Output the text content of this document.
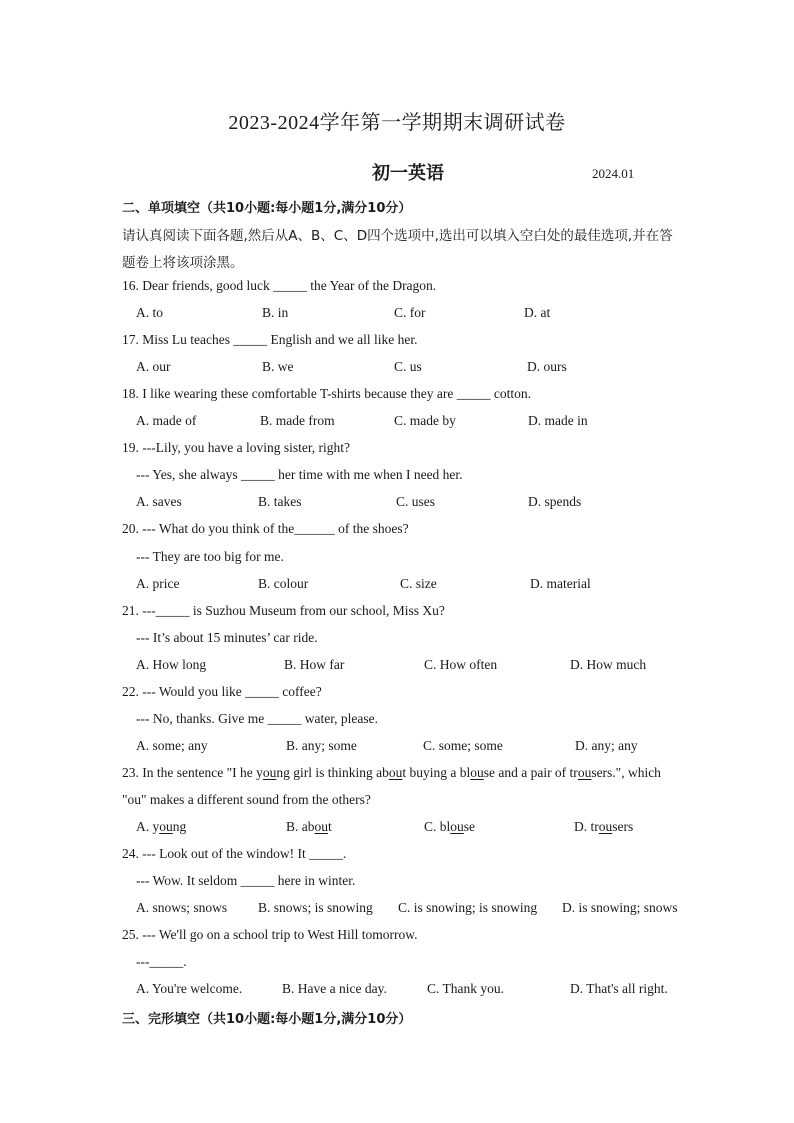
2023-2024学年第一学期期末调研试卷
初一英语	2024.01
二、单项填空（共10小题:每小题1分,满分10分）
请认真阅读下面各题,然后从A、B、C、D四个选项中,选出可以填入空白处的最佳选项,并在答
题卷上将该项涂黑。
16. Dear friends, good luck _____ the Year of the Dragon.
A. to	B. in	C. for	D. at
17. Miss Lu teaches _____ English and we all like her.
A. our	B. we	C. us	D. ours
18. I like wearing these comfortable T-shirts because they are _____ cotton.
A. made of	B. made from	C. made by	D. made in
19. ---Lily, you have a loving sister, right?
--- Yes, she always _____ her time with me when I need her.
A. saves	B. takes	C. uses	D. spends
20. --- What do you think of the______ of the shoes?
--- They are too big for me.
A. price	B. colour	C. size	D. material
21. ---_____ is Suzhou Museum from our school, Miss Xu?
--- It’s about 15 minutes’ car ride.
A. How long	B. How far	C. How often	D. How much
22. --- Would you like _____ coffee?
--- No, thanks. Give me _____ water, please.
A. some; any	B. any; some	C. some; some	D. any; any
23. In the sentence "I he young girl is thinking about buying a blouse and a pair of trousers.", which
"ou" makes a different sound from the others?
A. young	B. about	C. blouse	D. trousers
24. --- Look out of the window! It _____.
--- Wow. It seldom _____ here in winter.
A. snows; snows B. snows; is snowing C. is snowing; is snowing D. is snowing; snows
25. --- We'll go on a school trip to West Hill tomorrow.
---_____.
A. You're welcome.	B. Have a nice day.	C. Thank you.	D. That's all right.
三、完形填空（共10小题:每小题1分,满分10分）
